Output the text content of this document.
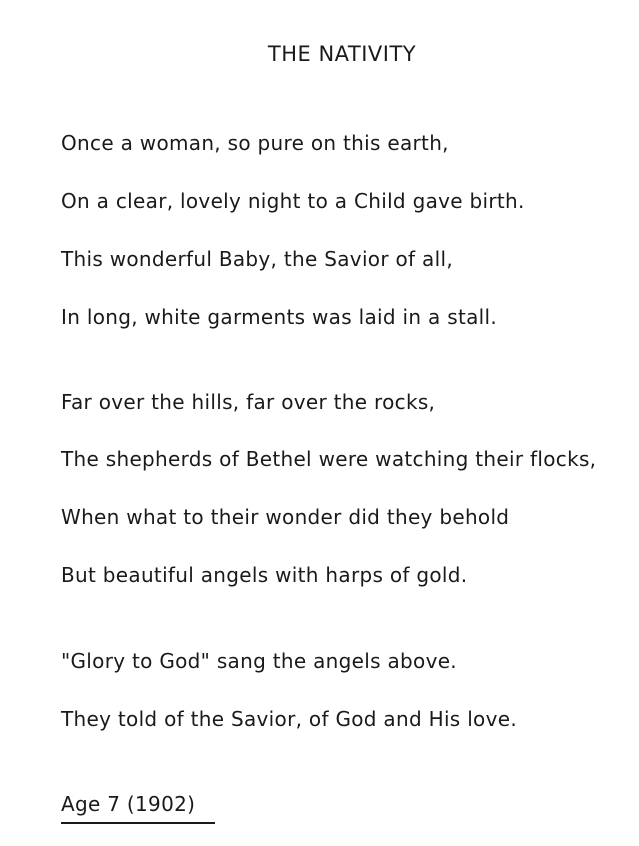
THE NATIVITY
Once a woman, so pure on this earth,
On a clear, lovely night to a Child gave birth.
This wonderful Baby, the Savior of all,
In long, white garments was laid in a stall.
Far over the hills, far over the rocks,
The shepherds of Bethel were watching their flocks,
When what to their wonder did they behold
But beautiful angels with harps of gold.
"Glory to God" sang the angels above.
They told of the Savior, of God and His love.
Age 7 (1902)
